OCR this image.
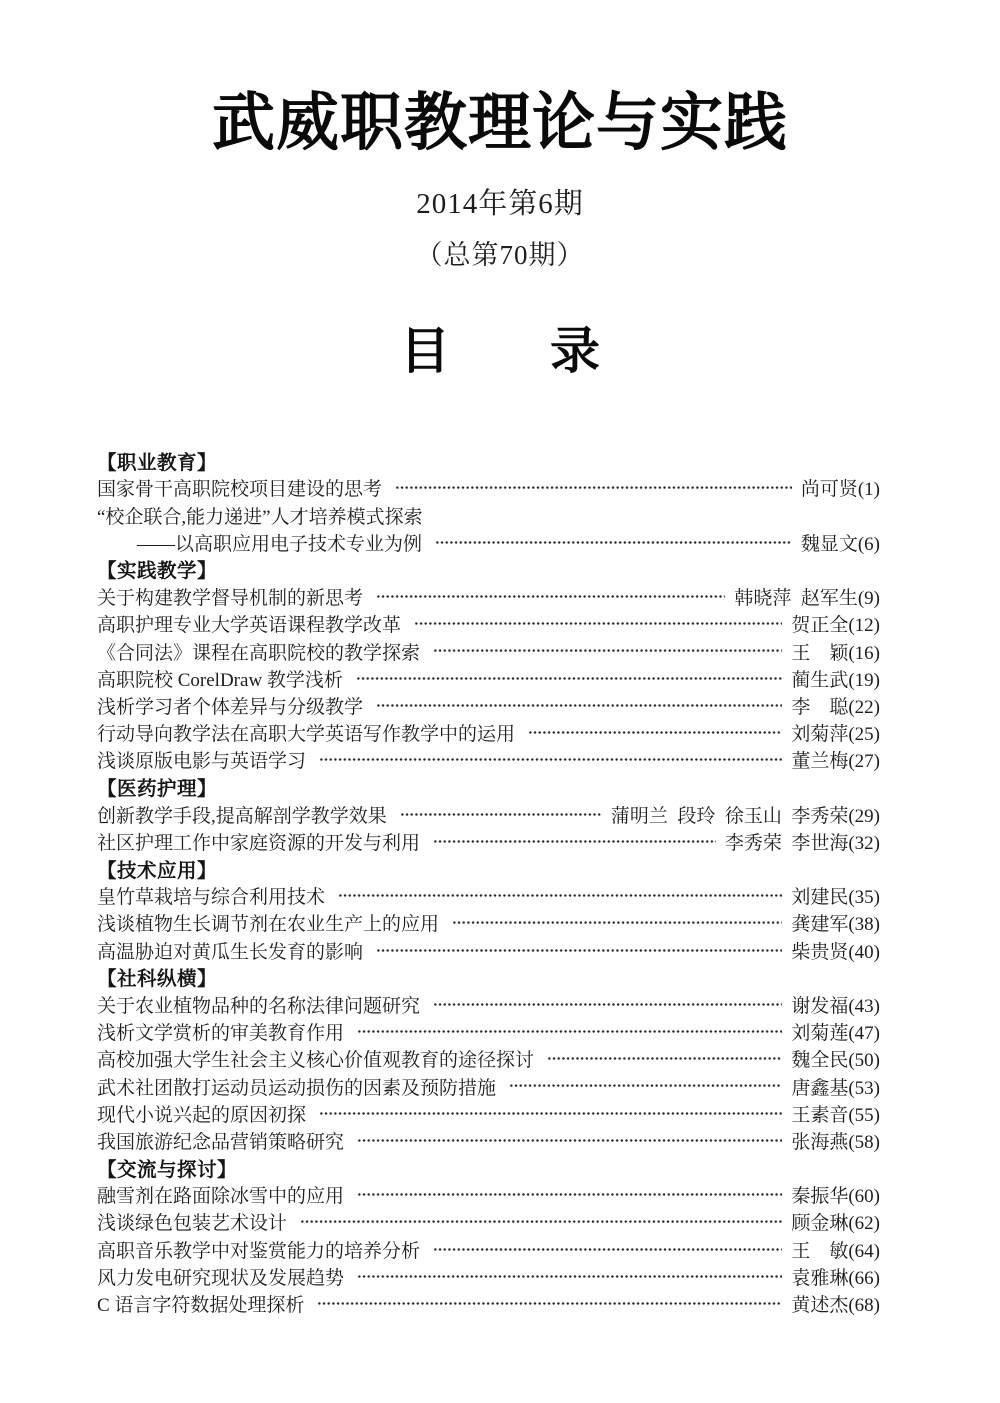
武威职教理论与实践
2014年第6期
（总第70期）
目　　录
【职业教育】
国家骨干高职院校项目建设的思考	尚可贤 (1)
“校企联合,能力递进”人才培养模式探索
——以高职应用电子技术专业为例	魏显文 (6)
【实践教学】
关于构建教学督导机制的新思考	韩晓萍 赵军生 (9)
高职护理专业大学英语课程教学改革	贺正全 (12)
《合同法》课程在高职院校的教学探索	王　颖 (16)
高职院校 CorelDraw 教学浅析	蔺生武 (19)
浅析学习者个体差异与分级教学	李　聪 (22)
行动导向教学法在高职大学英语写作教学中的运用	刘菊萍 (25)
浅谈原版电影与英语学习	董兰梅 (27)
【医药护理】
创新教学手段,提高解剖学教学效果	蒲明兰 段玲 徐玉山 李秀荣 (29)
社区护理工作中家庭资源的开发与利用	李秀荣 李世海 (32)
【技术应用】
皇竹草栽培与综合利用技术	刘建民 (35)
浅谈植物生长调节剂在农业生产上的应用	龚建军 (38)
高温胁迫对黄瓜生长发育的影响	柴贵贤 (40)
【社科纵横】
关于农业植物品种的名称法律问题研究	谢发福 (43)
浅析文学赏析的审美教育作用	刘菊莲 (47)
高校加强大学生社会主义核心价值观教育的途径探讨	魏全民 (50)
武术社团散打运动员运动损伤的因素及预防措施	唐鑫基 (53)
现代小说兴起的原因初探	王素音 (55)
我国旅游纪念品营销策略研究	张海燕 (58)
【交流与探讨】
融雪剂在路面除冰雪中的应用	秦振华 (60)
浅谈绿色包装艺术设计	顾金琳 (62)
高职音乐教学中对鉴赏能力的培养分析	王　敏 (64)
风力发电研究现状及发展趋势	袁雅琳 (66)
C 语言字符数据处理探析	黄述杰 (68)
